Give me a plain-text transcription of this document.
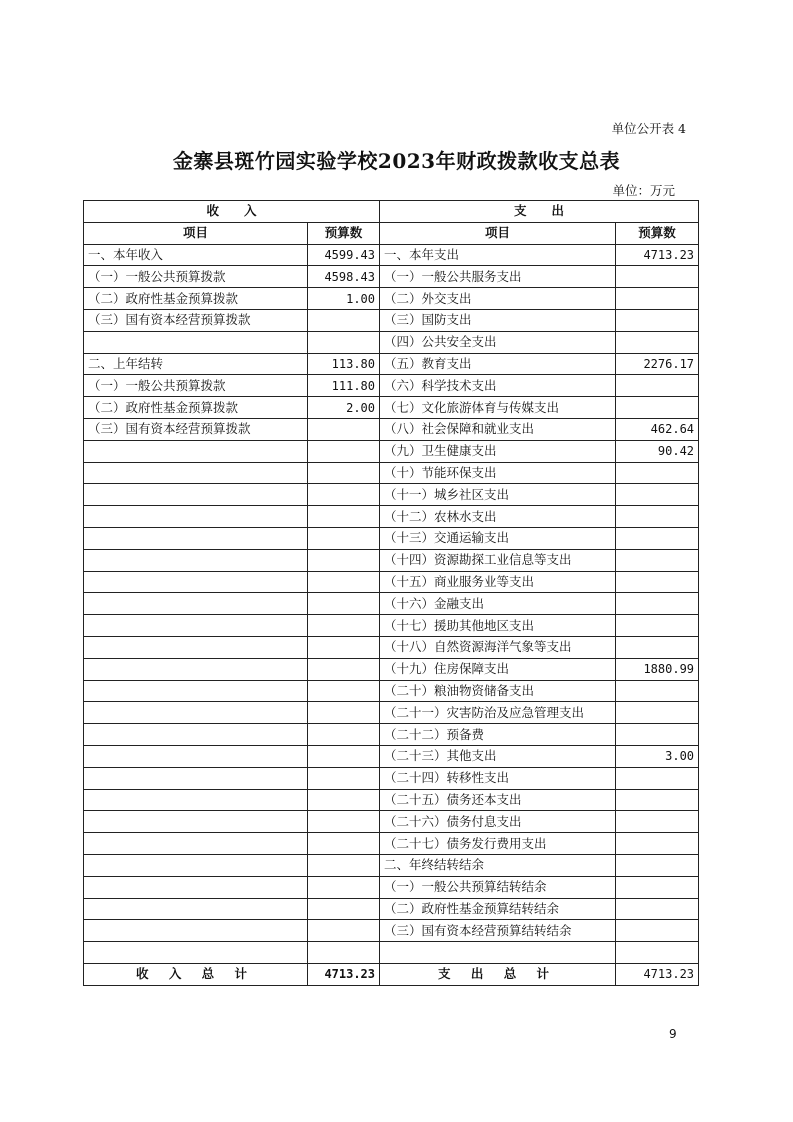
单位公开表 4
金寨县斑竹园实验学校2023年财政拨款收支总表
单位：万元
收　　入		支　　出	
项目	预算数	项目	预算数
一、本年收入	4599.43	一、本年支出	4713.23
（一）一般公共预算拨款	4598.43	（一）一般公共服务支出	
（二）政府性基金预算拨款	1.00	（二）外交支出	
（三）国有资本经营预算拨款		（三）国防支出	
		（四）公共安全支出	
二、上年结转	113.80	（五）教育支出	2276.17
（一）一般公共预算拨款	111.80	（六）科学技术支出	
（二）政府性基金预算拨款	2.00	（七）文化旅游体育与传媒支出	
（三）国有资本经营预算拨款		（八）社会保障和就业支出	462.64
		（九）卫生健康支出	90.42
		（十）节能环保支出	
		（十一）城乡社区支出	
		（十二）农林水支出	
		（十三）交通运输支出	
		（十四）资源勘探工业信息等支出	
		（十五）商业服务业等支出	
		（十六）金融支出	
		（十七）援助其他地区支出	
		（十八）自然资源海洋气象等支出	
		（十九）住房保障支出	1880.99
		（二十）粮油物资储备支出	
		（二十一）灾害防治及应急管理支出	
		（二十二）预备费	
		（二十三）其他支出	3.00
		（二十四）转移性支出	
		（二十五）债务还本支出	
		（二十六）债务付息支出	
		（二十七）债务发行费用支出	
		二、年终结转结余	
		（一）一般公共预算结转结余	
		（二）政府性基金预算结转结余	
		（三）国有资本经营预算结转结余	

收 入 总 计	4713.23	支 出 总 计	4713.23
9
